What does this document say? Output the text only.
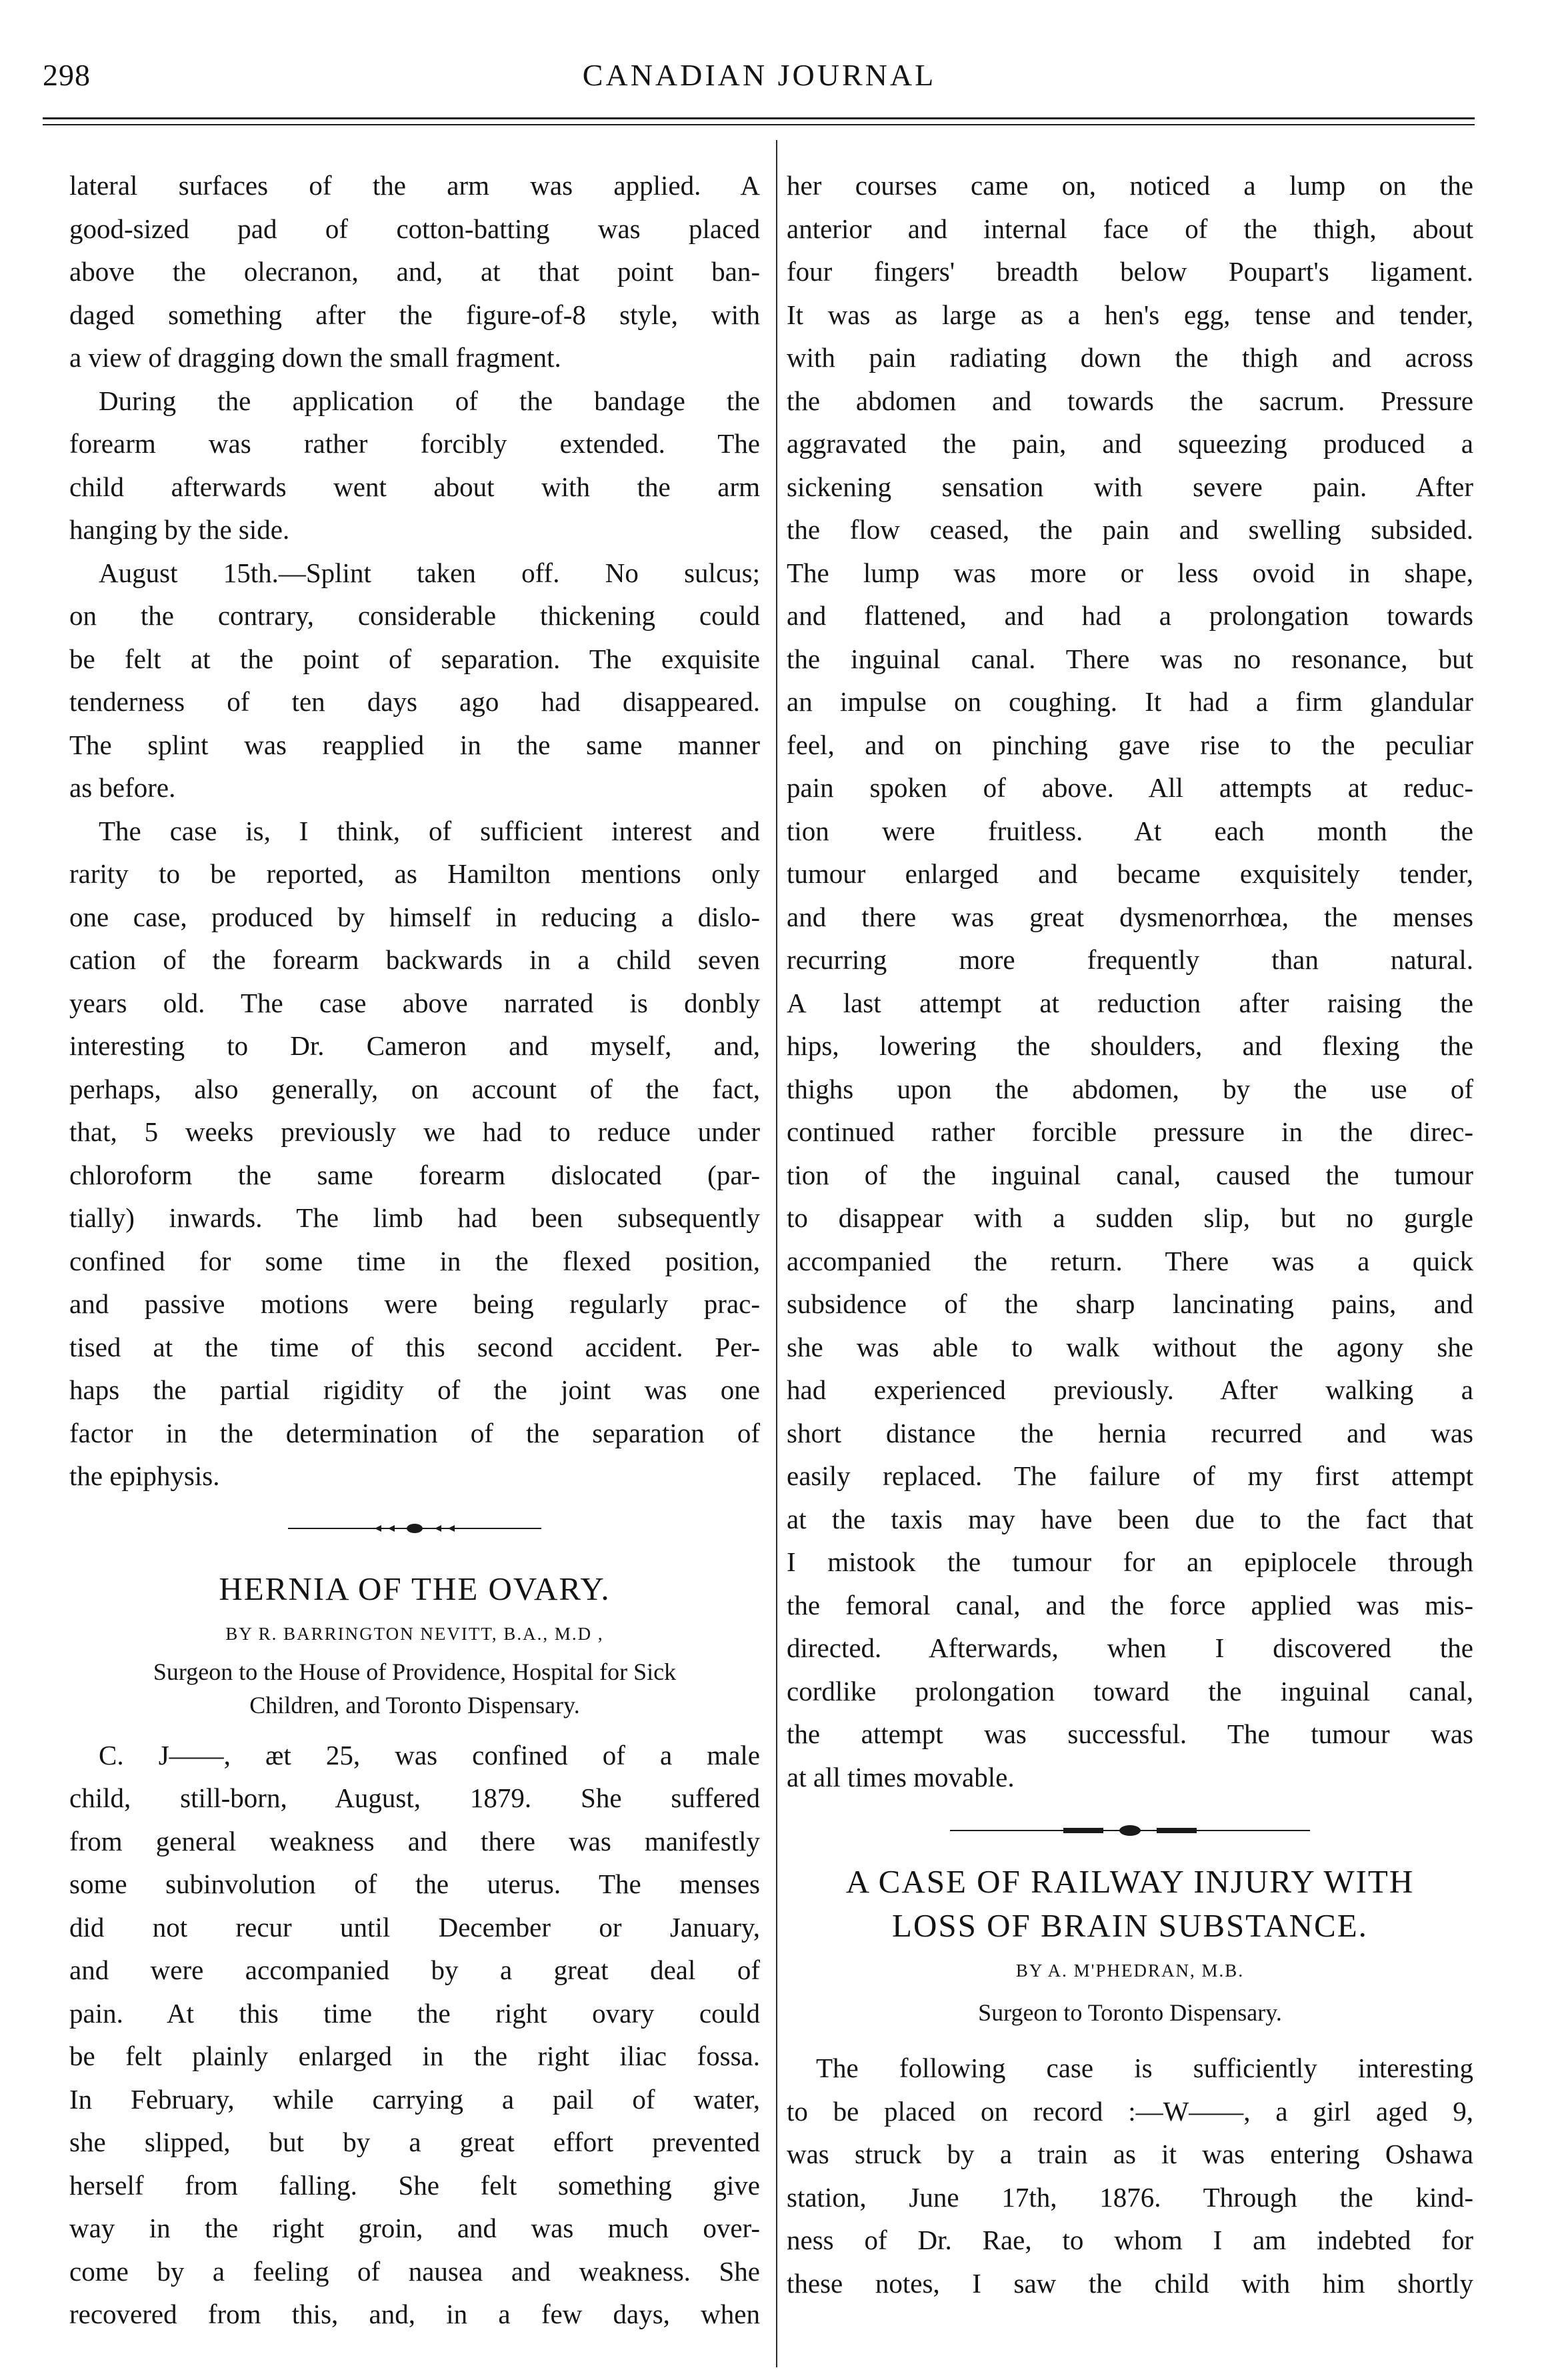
298	CANADIAN JOURNAL

lateral surfaces of the arm was applied. A
good-sized pad of cotton-batting was placed
above the olecranon, and, at that point ban-
daged something after the figure-of-8 style, with
a view of dragging down the small fragment.

During the application of the bandage the
forearm was rather forcibly extended. The
child afterwards went about with the arm
hanging by the side.

August 15th.—Splint taken off. No sulcus;
on the contrary, considerable thickening could
be felt at the point of separation. The exquisite
tenderness of ten days ago had disappeared.
The splint was reapplied in the same manner
as before.

The case is, I think, of sufficient interest and
rarity to be reported, as Hamilton mentions only
one case, produced by himself in reducing a dislo-
cation of the forearm backwards in a child seven
years old. The case above narrated is donbly
interesting to Dr. Cameron and myself, and,
perhaps, also generally, on account of the fact,
that, 5 weeks previously we had to reduce under
chloroform the same forearm dislocated (par-
tially) inwards. The limb had been subsequently
confined for some time in the flexed position,
and passive motions were being regularly prac-
tised at the time of this second accident. Per-
haps the partial rigidity of the joint was one
factor in the determination of the separation of
the epiphysis.

HERNIA OF THE OVARY.
BY R. BARRINGTON NEVITT, B.A., M.D ,
Surgeon to the House of Providence, Hospital for Sick
Children, and Toronto Dispensary.

C. J——, æt 25, was confined of a male
child, still-born, August, 1879. She suffered
from general weakness and there was manifestly
some subinvolution of the uterus. The menses
did not recur until December or January,
and were accompanied by a great deal of
pain. At this time the right ovary could
be felt plainly enlarged in the right iliac fossa.
In February, while carrying a pail of water,
she slipped, but by a great effort prevented
herself from falling. She felt something give
way in the right groin, and was much over-
come by a feeling of nausea and weakness. She
recovered from this, and, in a few days, when

her courses came on, noticed a lump on the
anterior and internal face of the thigh, about
four fingers' breadth below Poupart's ligament.
It was as large as a hen's egg, tense and tender,
with pain radiating down the thigh and across
the abdomen and towards the sacrum. Pressure
aggravated the pain, and squeezing produced a
sickening sensation with severe pain. After
the flow ceased, the pain and swelling subsided.
The lump was more or less ovoid in shape,
and flattened, and had a prolongation towards
the inguinal canal. There was no resonance, but
an impulse on coughing. It had a firm glandular
feel, and on pinching gave rise to the peculiar
pain spoken of above. All attempts at reduc-
tion were fruitless. At each month the
tumour enlarged and became exquisitely tender,
and there was great dysmenorrhœa, the menses
recurring more frequently than natural.
A last attempt at reduction after raising the
hips, lowering the shoulders, and flexing the
thighs upon the abdomen, by the use of
continued rather forcible pressure in the direc-
tion of the inguinal canal, caused the tumour
to disappear with a sudden slip, but no gurgle
accompanied the return. There was a quick
subsidence of the sharp lancinating pains, and
she was able to walk without the agony she
had experienced previously. After walking a
short distance the hernia recurred and was
easily replaced. The failure of my first attempt
at the taxis may have been due to the fact that
I mistook the tumour for an epiplocele through
the femoral canal, and the force applied was mis-
directed. Afterwards, when I discovered the
cordlike prolongation toward the inguinal canal,
the attempt was successful. The tumour was
at all times movable.

A CASE OF RAILWAY INJURY WITH
LOSS OF BRAIN SUBSTANCE.
BY A. M'PHEDRAN, M.B.
Surgeon to Toronto Dispensary.

The following case is sufficiently interesting
to be placed on record :—W——, a girl aged 9,
was struck by a train as it was entering Oshawa
station, June 17th, 1876. Through the kind-
ness of Dr. Rae, to whom I am indebted for
these notes, I saw the child with him shortly
